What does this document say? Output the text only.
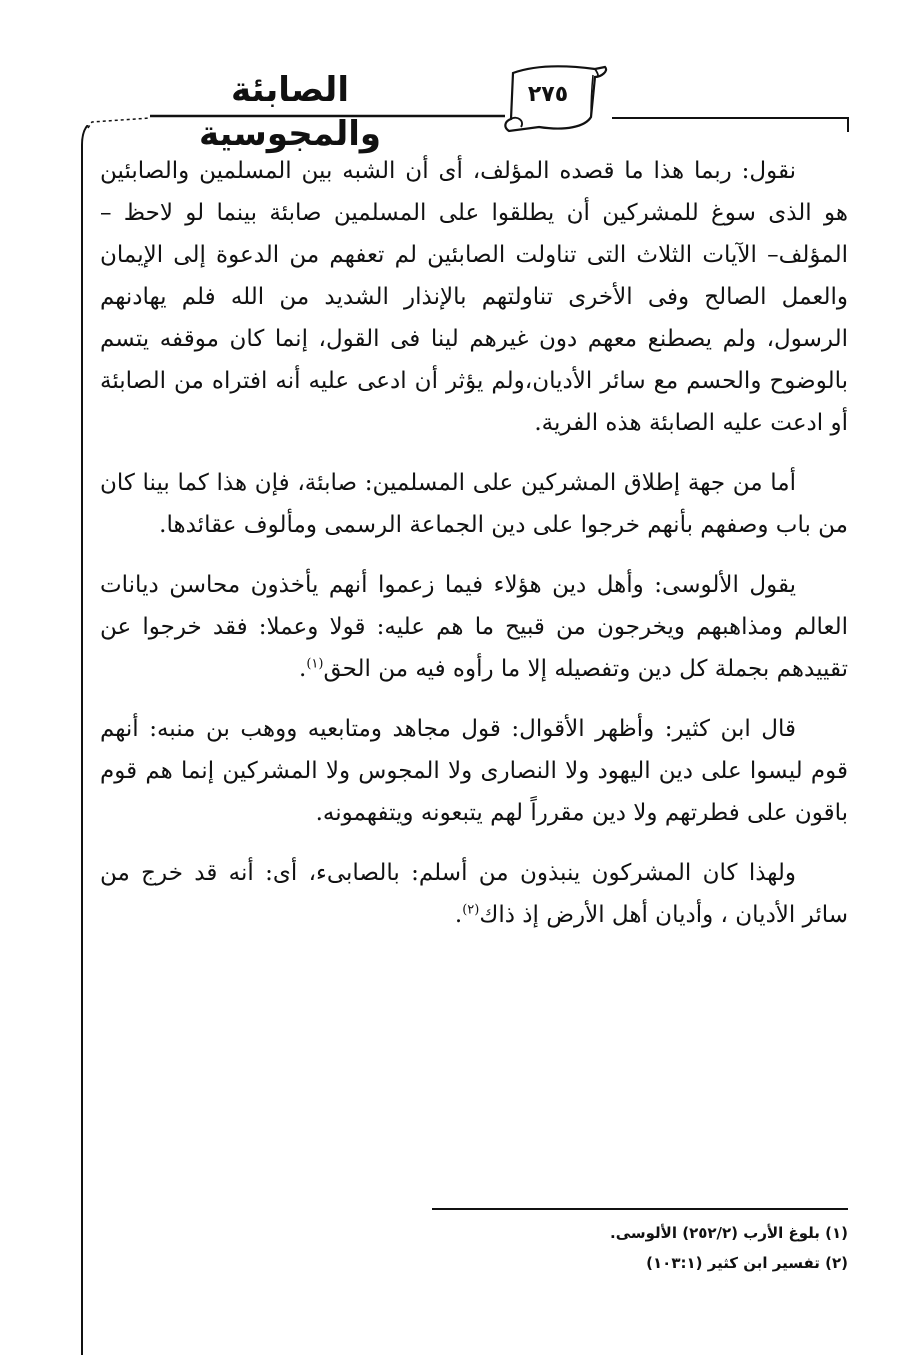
٢٧٥
الصابئة والمجوسية

نقول: ربما هذا ما قصده المؤلف، أى أن الشبه بين المسلمين والصابئين هو الذى سوغ للمشركين أن يطلقوا على المسلمين صابئة بينما لو لاحظ – المؤلف– الآيات الثلاث التى تناولت الصابئين لم تعفهم من الدعوة إلى الإيمان والعمل الصالح وفى الأخرى تناولتهم بالإنذار الشديد من الله فلم يهادنهم الرسول، ولم يصطنع معهم دون غيرهم لينا فى القول، إنما كان موقفه يتسم بالوضوح والحسم مع سائر الأديان،ولم يؤثر أن ادعى عليه أنه افتراه من الصابئة أو ادعت عليه الصابئة هذه الفرية.

أما من جهة إطلاق المشركين على المسلمين: صابئة، فإن هذا كما بينا كان من باب وصفهم بأنهم خرجوا على دين الجماعة الرسمى ومألوف عقائدها.

يقول الألوسى: وأهل دين هؤلاء فيما زعموا أنهم يأخذون محاسن ديانات العالم ومذاهبهم ويخرجون من قبيح ما هم عليه: قولا وعملا: فقد خرجوا عن تقييدهم بجملة كل دين وتفصيله إلا ما رأوه فيه من الحق$^{(١)}$.

قال ابن كثير: وأظهر الأقوال: قول مجاهد ومتابعيه ووهب بن منبه: أنهم قوم ليسوا على دين اليهود ولا النصارى ولا المجوس ولا المشركين إنما هم قوم باقون على فطرتهم ولا دين مقرراً لهم يتبعونه ويتفهمونه.

ولهذا كان المشركون ينبذون من أسلم: بالصابىء، أى: أنه قد خرج من سائر الأديان ، وأديان أهل الأرض إذ ذاك$^{(٢)}$.

(١) بلوغ الأرب (٢٥٢/٢) الألوسى.
(٢) تفسير ابن كثير (١٠٣:١)
